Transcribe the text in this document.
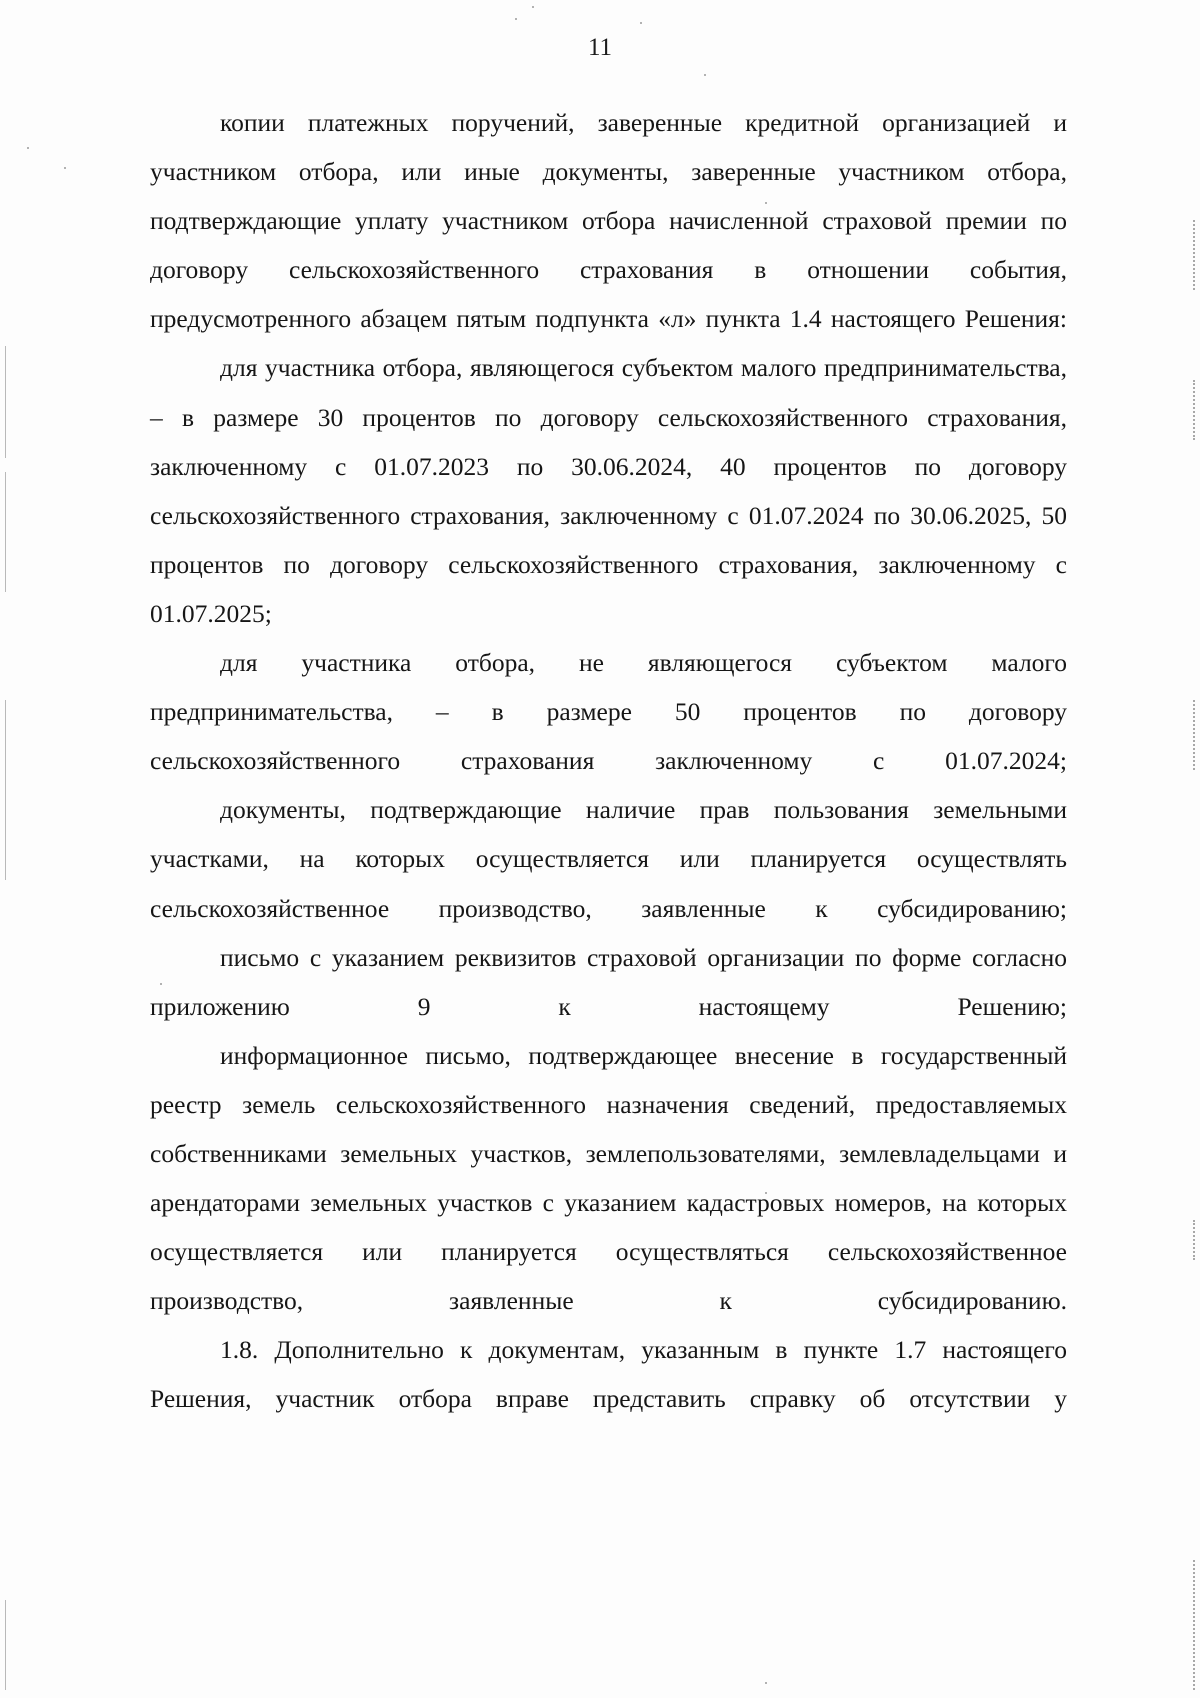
11

копии платежных поручений, заверенные кредитной организацией и участником отбора, или иные документы, заверенные участником отбора, подтверждающие уплату участником отбора начисленной страховой премии по договору сельскохозяйственного страхования в отношении события, предусмотренного абзацем пятым подпункта «л» пункта 1.4 настоящего Решения:

для участника отбора, являющегося субъектом малого предпринимательства, – в размере 30 процентов по договору сельскохозяйственного страхования, заключенному с 01.07.2023 по 30.06.2024, 40 процентов по договору сельскохозяйственного страхования, заключенному с 01.07.2024 по 30.06.2025, 50 процентов по договору сельскохозяйственного страхования, заключенному с 01.07.2025;

для участника отбора, не являющегося субъектом малого предпринимательства, – в размере 50 процентов по договору сельскохозяйственного страхования заключенному с 01.07.2024;

документы, подтверждающие наличие прав пользования земельными участками, на которых осуществляется или планируется осуществлять сельскохозяйственное производство, заявленные к субсидированию;

письмо с указанием реквизитов страховой организации по форме согласно приложению 9 к настоящему Решению;

информационное письмо, подтверждающее внесение в государственный реестр земель сельскохозяйственного назначения сведений, предоставляемых собственниками земельных участков, землепользователями, землевладельцами и арендаторами земельных участков с указанием кадастровых номеров, на которых осуществляется или планируется осуществляться сельскохозяйственное производство, заявленные к субсидированию.

1.8. Дополнительно к документам, указанным в пункте 1.7 настоящего Решения, участник отбора вправе представить справку об отсутствии у
